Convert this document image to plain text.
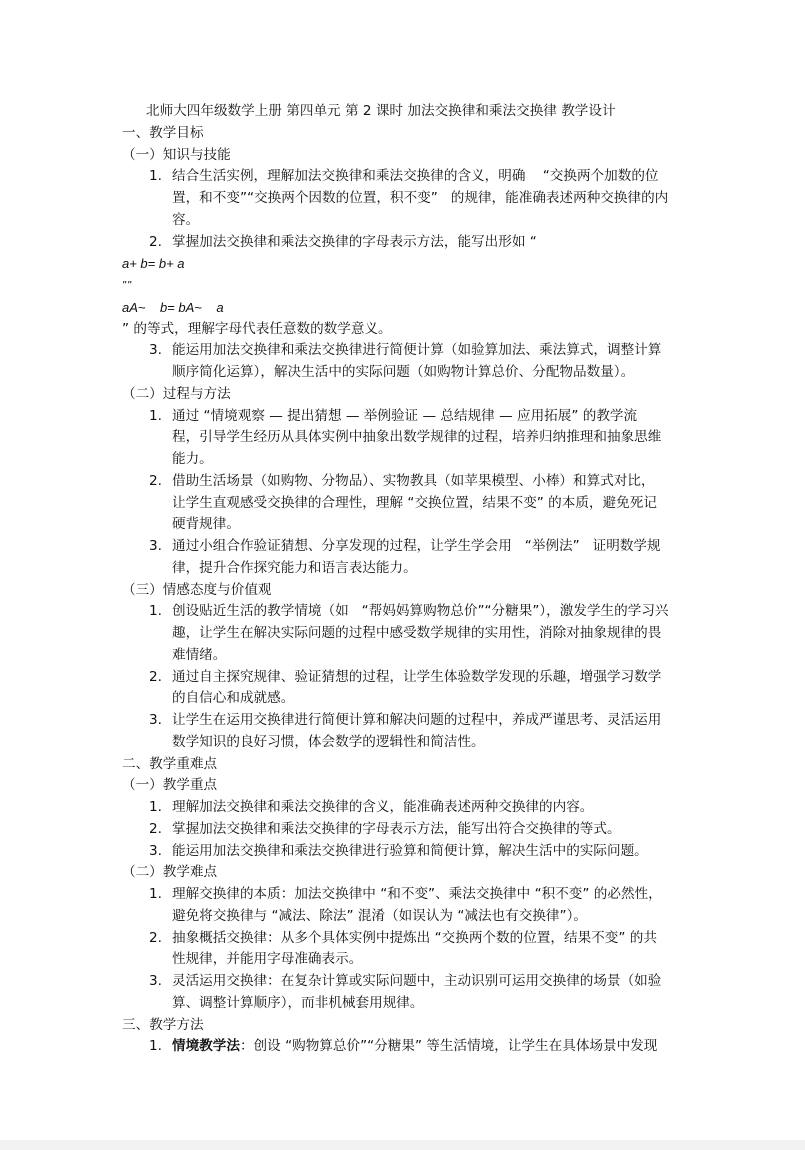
北师大四年级数学上册 第四单元 第 2 课时 加法交换律和乘法交换律 教学设计
一、教学目标
（一）知识与技能
1. 结合生活实例，理解加法交换律和乘法交换律的含义，明确    “交换两个加数的位
置，和不变”“交换两个因数的位置，积不变”   的规律，能准确表述两种交换律的内
容。
2. 掌握加法交换律和乘法交换律的字母表示方法，能写出形如 “
a+ b= b+ a
””
aA~    b= bA~    a
” 的等式，理解字母代表任意数的数学意义。
3. 能运用加法交换律和乘法交换律进行简便计算（如验算加法、乘法算式，调整计算
顺序简化运算），解决生活中的实际问题（如购物计算总价、分配物品数量）。
（二）过程与方法
1. 通过 “情境观察 — 提出猜想 — 举例验证 — 总结规律 — 应用拓展” 的教学流
程，引导学生经历从具体实例中抽象出数学规律的过程，培养归纳推理和抽象思维
能力。
2. 借助生活场景（如购物、分物品）、实物教具（如苹果模型、小棒）和算式对比，
让学生直观感受交换律的合理性，理解 “交换位置，结果不变” 的本质，避免死记
硬背规律。
3. 通过小组合作验证猜想、分享发现的过程，让学生学会用   “举例法”   证明数学规
律，提升合作探究能力和语言表达能力。
（三）情感态度与价值观
1. 创设贴近生活的教学情境（如   “帮妈妈算购物总价”“分糖果”），激发学生的学习兴
趣，让学生在解决实际问题的过程中感受数学规律的实用性，消除对抽象规律的畏
难情绪。
2. 通过自主探究规律、验证猜想的过程，让学生体验数学发现的乐趣，增强学习数学
的自信心和成就感。
3. 让学生在运用交换律进行简便计算和解决问题的过程中，养成严谨思考、灵活运用
数学知识的良好习惯，体会数学的逻辑性和简洁性。
二、教学重难点
（一）教学重点
1. 理解加法交换律和乘法交换律的含义，能准确表述两种交换律的内容。
2. 掌握加法交换律和乘法交换律的字母表示方法，能写出符合交换律的等式。
3. 能运用加法交换律和乘法交换律进行验算和简便计算，解决生活中的实际问题。
（二）教学难点
1. 理解交换律的本质：加法交换律中 “和不变”、乘法交换律中 “积不变” 的必然性，
避免将交换律与 “减法、除法” 混淆（如误认为 “减法也有交换律”）。
2. 抽象概括交换律：从多个具体实例中提炼出 “交换两个数的位置，结果不变” 的共
性规律，并能用字母准确表示。
3. 灵活运用交换律：在复杂计算或实际问题中，主动识别可运用交换律的场景（如验
算、调整计算顺序），而非机械套用规律。
三、教学方法
1. 情境教学法：创设 “购物算总价”“分糖果” 等生活情境，让学生在具体场景中发现
